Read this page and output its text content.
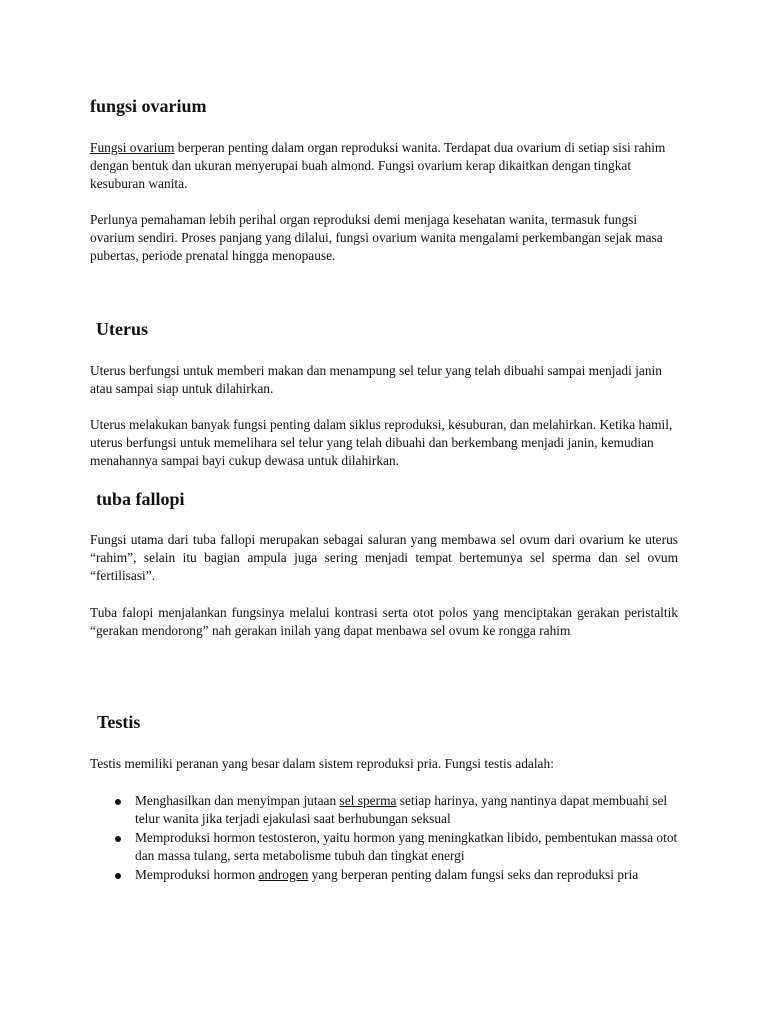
fungsi ovarium

Fungsi ovarium berperan penting dalam organ reproduksi wanita. Terdapat dua ovarium di setiap sisi rahim dengan bentuk dan ukuran menyerupai buah almond. Fungsi ovarium kerap dikaitkan dengan tingkat kesuburan wanita.

Perlunya pemahaman lebih perihal organ reproduksi demi menjaga kesehatan wanita, termasuk fungsi ovarium sendiri. Proses panjang yang dilalui, fungsi ovarium wanita mengalami perkembangan sejak masa pubertas, periode prenatal hingga menopause.

Uterus

Uterus berfungsi untuk memberi makan dan menampung sel telur yang telah dibuahi sampai menjadi janin atau sampai siap untuk dilahirkan.

Uterus melakukan banyak fungsi penting dalam siklus reproduksi, kesuburan, dan melahirkan. Ketika hamil, uterus berfungsi untuk memelihara sel telur yang telah dibuahi dan berkembang menjadi janin, kemudian menahannya sampai bayi cukup dewasa untuk dilahirkan.

tuba fallopi

Fungsi utama dari tuba fallopi merupakan sebagai saluran yang membawa sel ovum dari ovarium ke uterus “rahim”, selain itu bagian ampula juga sering menjadi tempat bertemunya sel sperma dan sel ovum “fertilisasi”.

Tuba falopi menjalankan fungsinya melalui kontrasi serta otot polos yang menciptakan gerakan peristaltik “gerakan mendorong” nah gerakan inilah yang dapat menbawa sel ovum ke rongga rahim

Testis

Testis memiliki peranan yang besar dalam sistem reproduksi pria. Fungsi testis adalah:

Menghasilkan dan menyimpan jutaan sel sperma setiap harinya, yang nantinya dapat membuahi sel telur wanita jika terjadi ejakulasi saat berhubungan seksual
Memproduksi hormon testosteron, yaitu hormon yang meningkatkan libido, pembentukan massa otot dan massa tulang, serta metabolisme tubuh dan tingkat energi
Memproduksi hormon androgen yang berperan penting dalam fungsi seks dan reproduksi pria
